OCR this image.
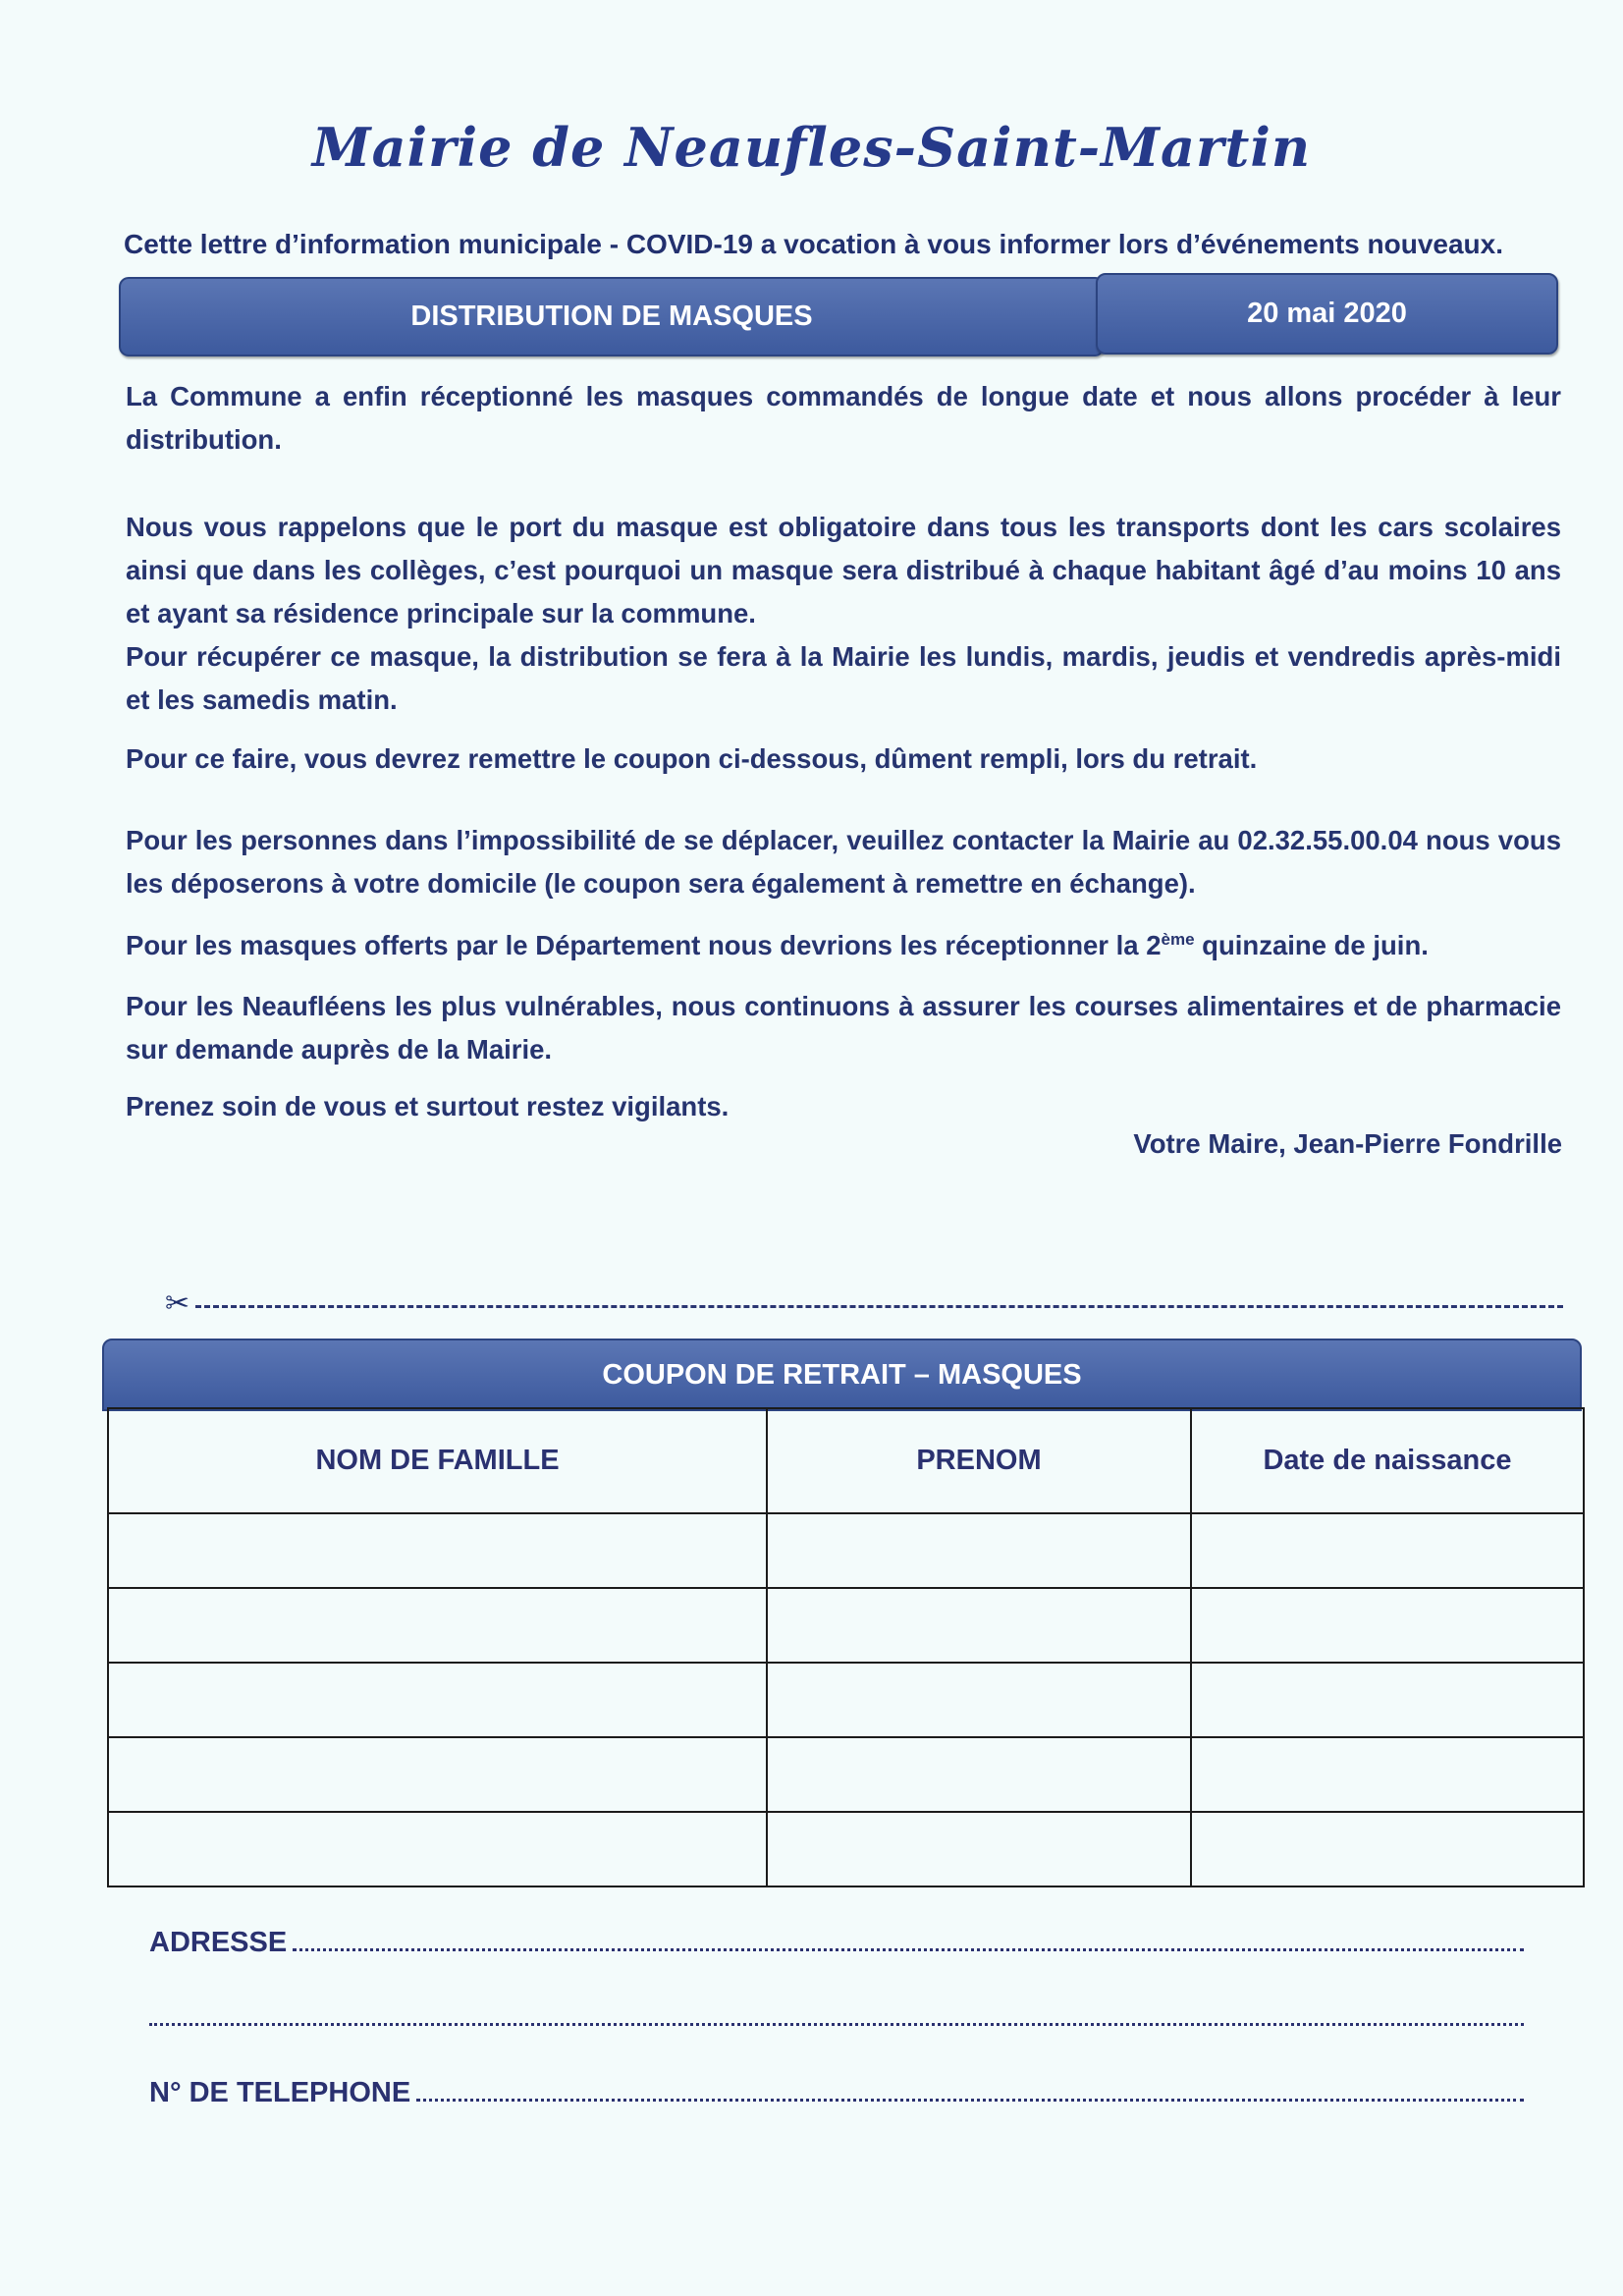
Mairie de Neaufles-Saint-Martin
Cette lettre d’information municipale - COVID-19 a vocation à vous informer lors d’événements nouveaux.
DISTRIBUTION DE MASQUES	20 mai 2020

La Commune a enfin réceptionné les masques commandés de longue date et nous allons procéder à leur distribution.

Nous vous rappelons que le port du masque est obligatoire dans tous les transports dont les cars scolaires ainsi que dans les collèges, c’est pourquoi un masque sera distribué à chaque habitant âgé d’au moins 10 ans et ayant sa résidence principale sur la commune.

Pour récupérer ce masque, la distribution se fera à la Mairie les lundis, mardis, jeudis et vendredis après-midi et les samedis matin.

Pour ce faire, vous devrez remettre le coupon ci-dessous, dûment rempli, lors du retrait.

Pour les personnes dans l’impossibilité de se déplacer, veuillez contacter la Mairie au 02.32.55.00.04 nous vous les déposerons à votre domicile (le coupon sera également à remettre en échange).

Pour les masques offerts par le Département nous devrions les réceptionner la 2ème quinzaine de juin.

Pour les Neaufléens les plus vulnérables, nous continuons à assurer les courses alimentaires et de pharmacie sur demande auprès de la Mairie.

Prenez soin de vous et surtout restez vigilants.

Votre Maire, Jean-Pierre Fondrille
✂
COUPON DE RETRAIT – MASQUES
NOM DE FAMILLE	PRENOM	Date de naissance

ADRESSE
N° DE TELEPHONE
